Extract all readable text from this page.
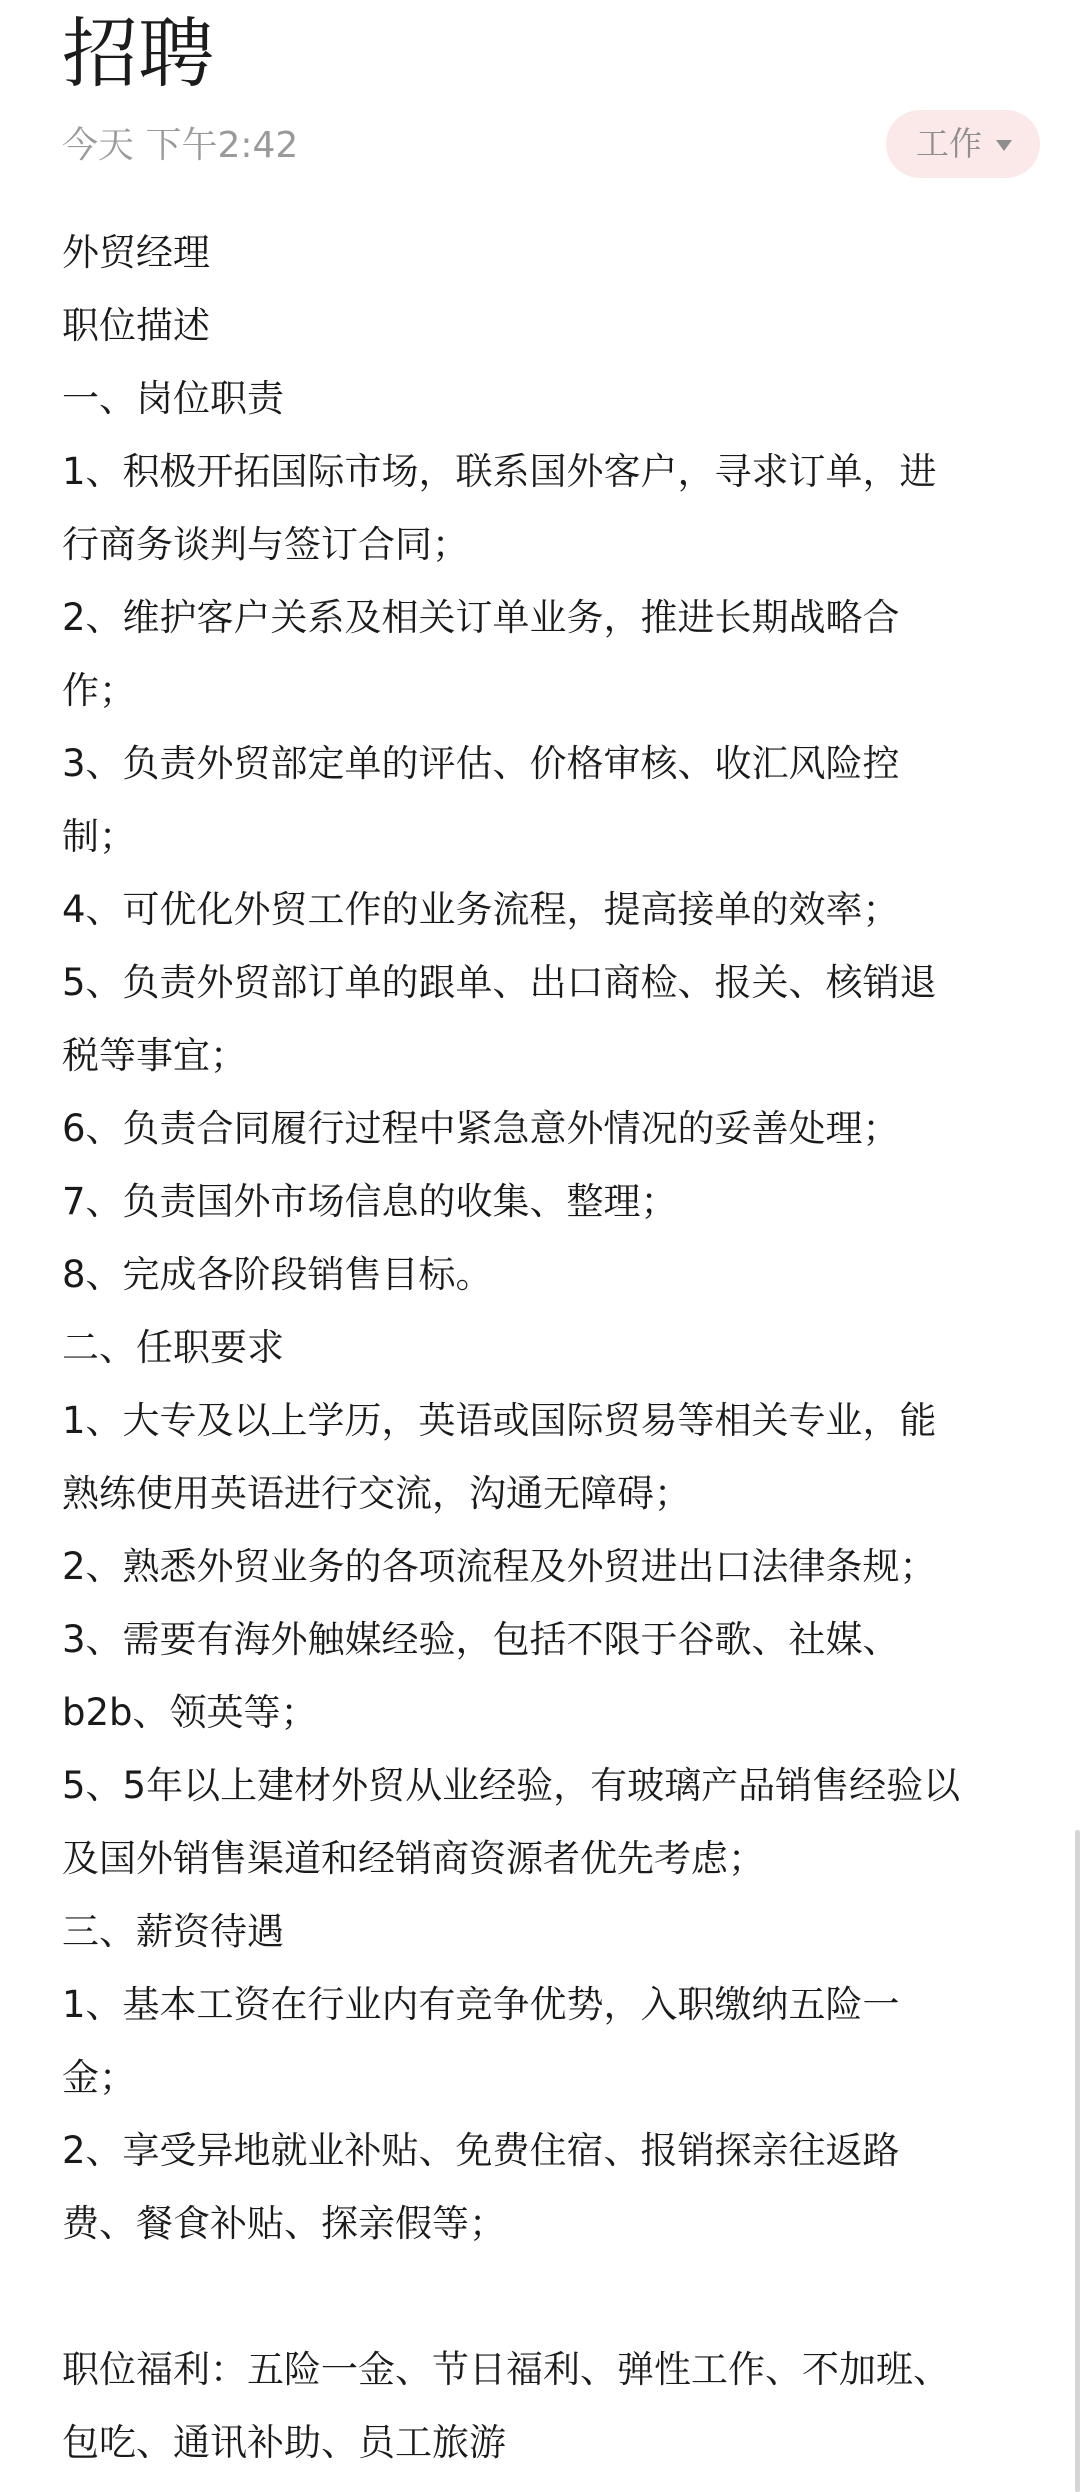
招聘
今天 下午2:42	工作
外贸经理
职位描述
一、岗位职责
1、积极开拓国际市场，联系国外客户，寻求订单，进
行商务谈判与签订合同；
2、维护客户关系及相关订单业务，推进长期战略合
作；
3、负责外贸部定单的评估、价格审核、收汇风险控
制；
4、可优化外贸工作的业务流程，提高接单的效率；
5、负责外贸部订单的跟单、出口商检、报关、核销退
税等事宜；
6、负责合同履行过程中紧急意外情况的妥善处理；
7、负责国外市场信息的收集、整理；
8、完成各阶段销售目标。
二、任职要求
1、大专及以上学历，英语或国际贸易等相关专业，能
熟练使用英语进行交流，沟通无障碍；
2、熟悉外贸业务的各项流程及外贸进出口法律条规；
3、需要有海外触媒经验，包括不限于谷歌、社媒、
b2b、领英等；
5、5年以上建材外贸从业经验，有玻璃产品销售经验以
及国外销售渠道和经销商资源者优先考虑；
三、薪资待遇
1、基本工资在行业内有竞争优势，入职缴纳五险一
金；
2、享受异地就业补贴、免费住宿、报销探亲往返路
费、餐食补贴、探亲假等；
职位福利：五险一金、节日福利、弹性工作、不加班、
包吃、通讯补助、员工旅游
